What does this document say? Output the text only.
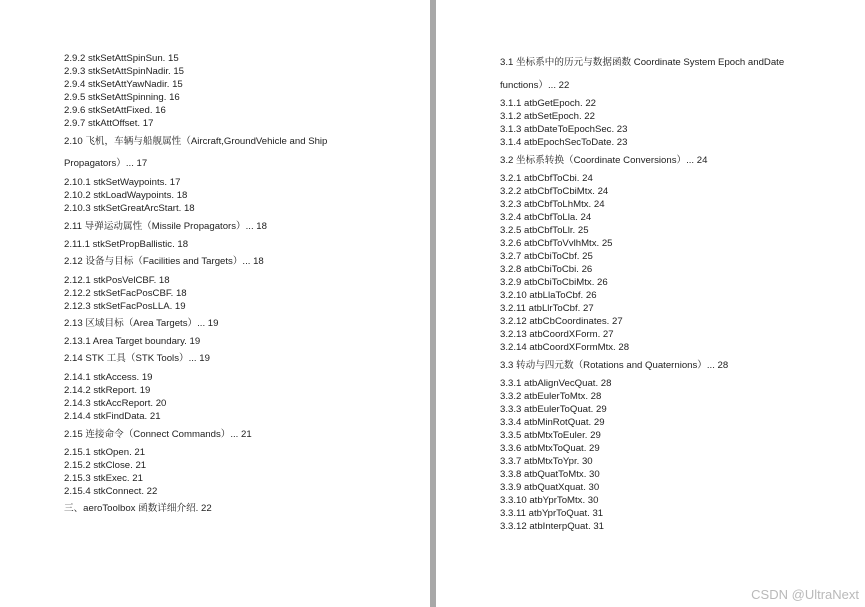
2.9.2 stkSetAttSpinSun. 15
2.9.3 stkSetAttSpinNadir. 15
2.9.4 stkSetAttYawNadir. 15
2.9.5 stkSetAttSpinning. 16
2.9.6 stkSetAttFixed. 16
2.9.7 stkAttOffset. 17
2.10 飞机，车辆与船舰属性（Aircraft,GroundVehicle and Ship
Propagators）... 17
2.10.1 stkSetWaypoints. 17
2.10.2 stkLoadWaypoints. 18
2.10.3 stkSetGreatArcStart. 18
2.11 导弹运动属性（Missile Propagators）... 18
2.11.1 stkSetPropBallistic. 18
2.12 设备与目标（Facilities and Targets）... 18
2.12.1 stkPosVelCBF. 18
2.12.2 stkSetFacPosCBF. 18
2.12.3 stkSetFacPosLLA. 19
2.13 区域目标（Area Targets）... 19
2.13.1 Area Target boundary. 19
2.14 STK 工具（STK Tools）... 19
2.14.1 stkAccess. 19
2.14.2 stkReport. 19
2.14.3 stkAccReport. 20
2.14.4 stkFindData. 21
2.15 连接命令（Connect Commands）... 21
2.15.1 stkOpen. 21
2.15.2 stkClose. 21
2.15.3 stkExec. 21
2.15.4 stkConnect. 22
三、aeroToolbox 函数详细介绍. 22
3.1 坐标系中的历元与数据函数 Coordinate System Epoch andDate
functions）... 22
3.1.1 atbGetEpoch. 22
3.1.2 atbSetEpoch. 22
3.1.3 atbDateToEpochSec. 23
3.1.4 atbEpochSecToDate. 23
3.2 坐标系转换（Coordinate Conversions）... 24
3.2.1 atbCbfToCbi. 24
3.2.2 atbCbfToCbiMtx. 24
3.2.3 atbCbfToLhMtx. 24
3.2.4 atbCbfToLla. 24
3.2.5 atbCbfToLlr. 25
3.2.6 atbCbfToVvlhMtx. 25
3.2.7 atbCbiToCbf. 25
3.2.8 atbCbiToCbi. 26
3.2.9 atbCbiToCbiMtx. 26
3.2.10 atbLlaToCbf. 26
3.2.11 atbLlrToCbf. 27
3.2.12 atbCbCoordinates. 27
3.2.13 atbCoordXForm. 27
3.2.14 atbCoordXFormMtx. 28
3.3 转动与四元数（Rotations and Quaternions）... 28
3.3.1 atbAlignVecQuat. 28
3.3.2 atbEulerToMtx. 28
3.3.3 atbEulerToQuat. 29
3.3.4 atbMinRotQuat. 29
3.3.5 atbMtxToEuler. 29
3.3.6 atbMtxToQuat. 29
3.3.7 atbMtxToYpr. 30
3.3.8 atbQuatToMtx. 30
3.3.9 atbQuatXquat. 30
3.3.10 atbYprToMtx. 30
3.3.11 atbYprToQuat. 31
3.3.12 atbInterpQuat. 31
CSDN @UltraNext
